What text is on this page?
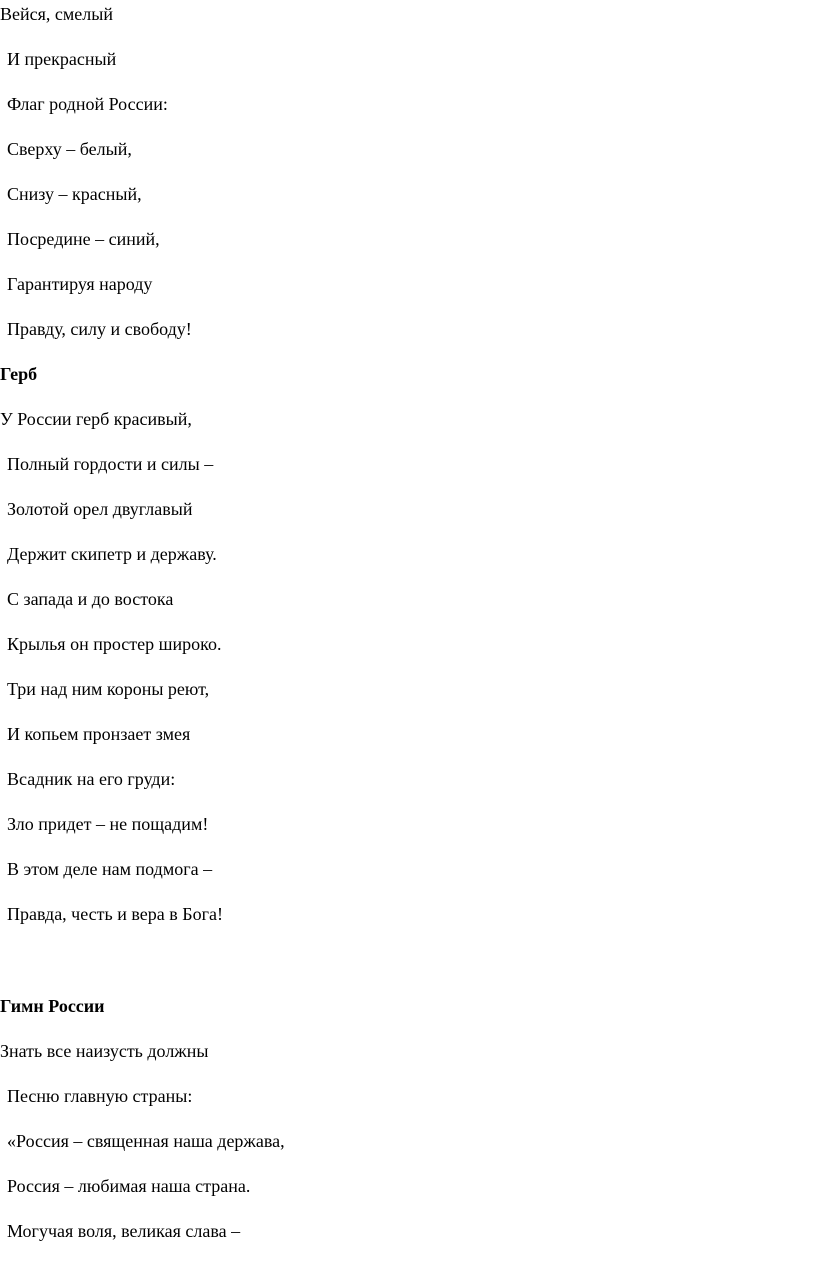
Вейся, смелый

И прекрасный

Флаг родной России:

Сверху – белый,

Снизу – красный,

Посредине – синий,

Гарантируя народу

Правду, силу и свободу!

Герб

У России герб красивый,

Полный гордости и силы –

Золотой орел двуглавый

Держит скипетр и державу.

С запада и до востока

Крылья он простер широко.

Три над ним короны реют,

И копьем пронзает змея

Всадник на его груди:

Зло придет – не пощадим!

В этом деле нам подмога –

Правда, честь и вера в Бога!

Гимн России

Знать все наизусть должны

Песню главную страны:

«Россия – священная наша держава,

Россия – любимая наша страна.

Могучая воля, великая слава –
